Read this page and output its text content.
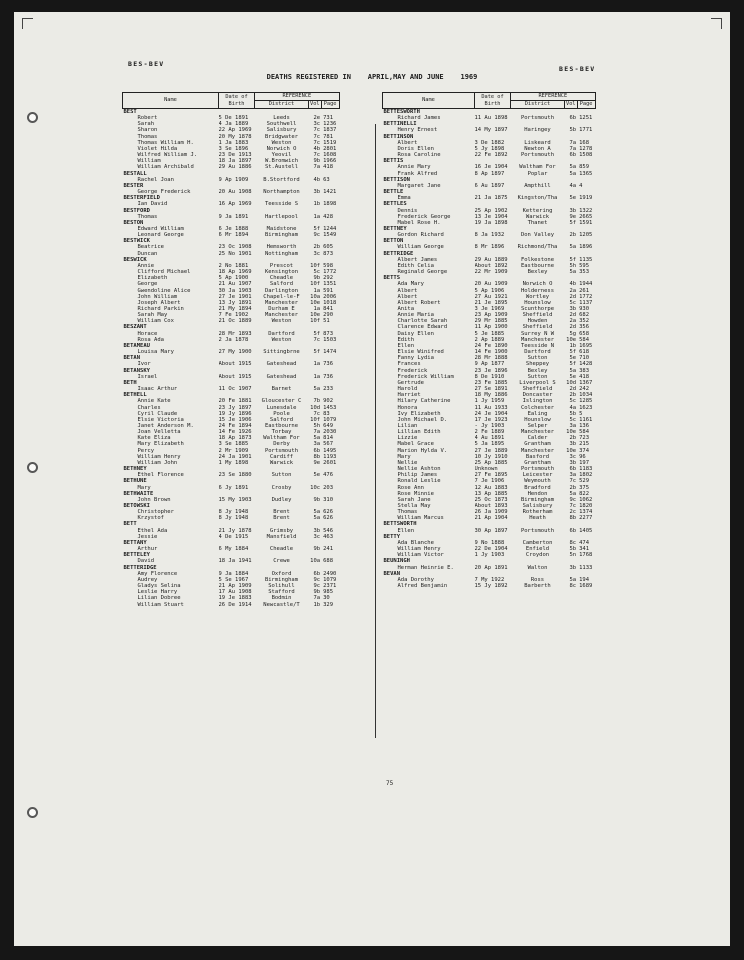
BES-BEV
BES-BEV
DEATHS REGISTERED IN APRIL,MAY AND JUNE 1969
Name	Date of Birth	REFERENCE		
		District	Vol	Page
BEST				
Robert	5 De 1891	Leeds	2e	731
Sarah	4 Ja 1889	Southwell	3c	1236
Sharon	22 Ap 1969	Salisbury	7c	1837
Thomas	20 My 1878	Bridgwater	7c	781
Thomas William H.	1 Ja 1883	Weston	7c	1519
Violet Hilda	3 Se 1896	Norwich O	4b	2801
Wilfred William J.	23 De 1913	Yeovil	7c	1608
William	18 Ja 1897	W.Bromwich	9b	1966
William Archibald	29 Au 1886	St.Austell	7a	418
BESTALL				
Rachel Joan	9 Ap 1909	B.Stortford	4b	63
BESTER				
George Frederick	20 Au 1908	Northampton	3b	1421
BESTERFIELD				
Ian David	16 Ap 1969	Teesside S	1b	1898
BESTFORD				
Thomas	9 Ja 1891	Hartlepool	1a	428
BESTON				
Edward William	6 Je 1888	Maidstone	5f	1244
Leonard George	6 Mr 1894	Birmingham	9c	1549
BESTWICK				
Beatrice	23 Oc 1908	Hemsworth	2b	605
Duncan	25 No 1901	Nottingham	3c	873
BESWICK				
Annie	2 No 1881	Prescot	10f	598
Clifford Michael	18 Ap 1969	Kensington	5c	1772
Elizabeth	5 Ap 1900	Cheadle	9b	292
George	21 Au 1907	Salford	10f	1351
Gwendoline Alice	30 Ja 1903	Darlington	1a	591
John William	27 Je 1901	Chapel-le-F	10a	2006
Joseph Albert	13 Jy 1891	Manchester	10e	1018
Richard Parkin	21 My 1894	Durham E	1a	841
Sarah May	7 Fe 1902	Manchester	10e	290
William Cox	21 Oc 1889	Weston	10f	51
BESZANT				
Horace	28 Mr 1893	Dartford	5f	873
Rosa Ada	2 Ja 1878	Weston	7c	1503
BETAMEAU				
Louisa Mary	27 My 1900	Sittingbrne	5f	1474
BETAN				
Ivor	About 1915	Gateshead	1a	736
BETANSKY				
Israel	About 1915	Gateshead	1a	736
BETH				
Isaac Arthur	11 Oc 1907	Barnet	5a	233
BETHELL				
Annie Kate	20 Fe 1881	Gloucester C	7b	902
Charles	23 Jy 1897	Lunesdale	10d	1453
Cyril Claude	19 Jy 1896	Poole	7c	83
Elsie Victoria	15 Je 1906	Salford	10f	1079
Janet Anderson M.	24 Fe 1894	Eastbourne	5h	649
Joan Velletta	14 Fe 1926	Torbay	7a	2030
Kate Eliza	18 Ap 1873	Waltham For	5a	814
Mary Elizabeth	3 Se 1885	Derby	3a	567
Percy	2 Mr 1909	Portsmouth	6b	1495
William Henry	24 Ja 1901	Cardiff	8b	1193
William John	1 My 1898	Warwick	9e	2601
BETHNEY				
Ethel Florence	23 Se 1880	Sutton	5e	476
BETHUNE				
Mary	6 Jy 1891	Crosby	10c	203
BETHWAITE				
John Brown	15 My 1903	Dudley	9b	310
BETOWSKI				
Christopher	8 Jy 1948	Brent	5a	626
Krzystof	8 Jy 1948	Brent	5a	626
BETT				
Ethel Ada	21 Jy 1878	Grimsby	3b	546
Jessie	4 De 1915	Mansfield	3c	463
BETTANY				
Arthur	6 My 1884	Cheadle	9b	241
BETTELEY				
David	18 Ja 1941	Crewe	10a	688
BETTERIDGE				
Amy Florence	9 Ja 1884	Oxford	6b	2490
Audrey	5 Se 1967	Birmingham	9c	1079
Gladys Selina	21 Ap 1909	Solihull	9c	2371
Leslie Harry	17 Au 1908	Stafford	9b	985
Lilian Dobree	19 Je 1883	Bodmin	7a	30
William Stuart	26 De 1914	Newcastle/T	1b	329
Name	Date of Birth	REFERENCE		
		District	Vol	Page
BETTESWORTH				
Richard James	11 Au 1898	Portsmouth	6b	1251
BETTINELLI				
Henry Ernest	14 My 1897	Haringey	5b	1771
BETTINSON				
Albert	3 De 1882	Liskeard	7a	168
Doris Ellen	5 Jy 1898	Newton A	7a	1278
Rosa Caroline	22 Fe 1892	Portsmouth	6b	1508
BETTIS				
Annie Mary	16 Je 1904	Waltham For	5a	859
Frank Alfred	8 Ap 1897	Poplar	5a	1365
BETTISON				
Margaret Jane	6 Au 1897	Ampthill	4a	4
BETTLE				
Emma	21 Ja 1875	Kingston/Tha	5e	1919
BETTLES				
Dennis	25 Ap 1902	Kettering	3b	1322
Frederick George	13 Je 1904	Warwick	9e	2665
Mabel Rose H.	19 Ja 1898	Thanet	5f	1591
BETTNEY				
Gordon Richard	8 Ja 1932	Don Valley	2b	1205
BETTON				
William George	8 Mr 1896	Richmond/Tha	5a	1896
BETTRIDGE				
Albert James	29 Au 1889	Folkestone	5f	1135
Edith Celia	About 1892	Eastbourne	5h	595
Reginald George	22 Mr 1909	Bexley	5a	353
BETTS				
Ada Mary	20 Au 1909	Norwich O	4b	1944
Albert	5 Ap 1906	Holderness	2a	261
Albert	27 Au 1921	Wortley	2d	1772
Albert Robert	21 Je 1895	Hounslow	5c	1137
Anita	3 Je 1969	Scunthorpe	3b	930
Annie Maria	23 Ap 1909	Sheffield	2d	682
Charlotte Sarah	29 Mr 1885	Howden	2a	352
Clarence Edward	11 Ap 1900	Sheffield	2d	356
Daisy Ellen	5 Je 1885	Surrey N W	5g	658
Edith	2 Ap 1889	Manchester	10e	584
Ellen	24 Fe 1890	Teesside N	1b	1695
Elsie Winifred	14 Fe 1900	Dartford	5f	618
Fanny Lydia	28 Mr 1888	Sutton	5e	710
Frances	9 Ap 1877	Sheppey	5f	1428
Frederick	23 Je 1896	Bexley	5a	383
Frederick William	8 De 1910	Sutton	5e	418
Gertrude	23 Fe 1885	Liverpool S	10d	1367
Harold	27 Se 1891	Sheffield	2d	242
Harriet	18 My 1886	Doncaster	2b	1034
Hilary Catherine	1 Jy 1959	Islington	5c	1285
Honora	11 Au 1933	Colchester	4a	1623
Ivy Elizabeth	24 Je 1904	Ealing	5b	5
John Michael D.	17 Je 1923	Hounslow	5c	1161
Lilian	- Jy 1903	Selper	3a	136
Lillian Edith	2 Fe 1889	Manchester	10e	584
Lizzie	4 Au 1891	Calder	2b	723
Mabel Grace	5 Ja 1895	Grantham	3b	215
Marion Hylda V.	27 Je 1889	Manchester	10e	374
Mary	10 Jy 1910	Basford	3c	96
Nellie	25 Ap 1885	Grantham	3b	197
Nellie Ashton	Unknown	Portsmouth	6b	1183
Philip James	27 Fe 1895	Leicester	3a	1802
Ronald Leslie	7 Je 1906	Weymouth	7c	529
Rose Ann	12 Au 1883	Bradford	2b	375
Rose Minnie	13 Ap 1885	Hendon	5a	822
Sarah Jane	25 Oc 1873	Birmingham	9c	1062
Stella May	About 1893	Salisbury	7c	1820
Thomas	26 Ja 1909	Rotherham	2c	1374
William Marcus	21 Ap 1904	Heath	8b	2277
BETTSWORTH				
Ellen	30 Ap 1897	Portsmouth	6b	1405
BETTY				
Ada Blanche	9 No 1888	Camberton	8c	474
William Henry	22 De 1904	Enfield	5b	341
William Victor	1 Jy 1903	Croydon	5n	1768
BEUNINGH				
Herman Heinrie E.	20 Ap 1891	Walton	3b	1133
BEVAN				
Ada Dorothy	7 My 1922	Ross	5a	194
Alfred Benjamin	15 Jy 1892	Barberth	8c	1689
75
